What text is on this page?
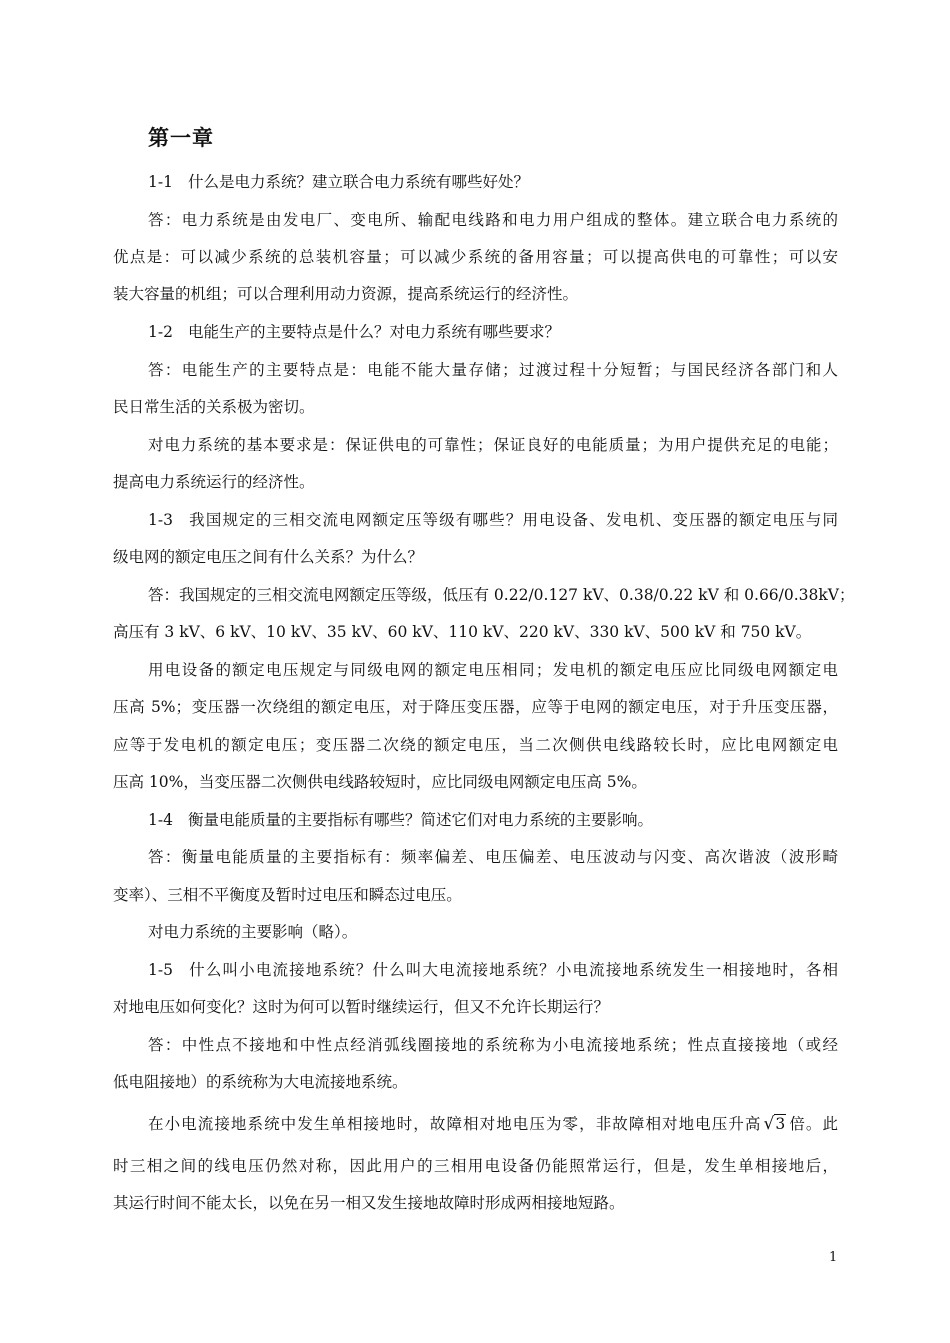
第一章
1-1 什么是电力系统？建立联合电力系统有哪些好处？
答：电力系统是由发电厂、变电所、输配电线路和电力用户组成的整体。建立联合电力系统的
优点是：可以减少系统的总装机容量；可以减少系统的备用容量；可以提高供电的可靠性；可以安
装大容量的机组；可以合理利用动力资源，提高系统运行的经济性。
1-2 电能生产的主要特点是什么？对电力系统有哪些要求？
答：电能生产的主要特点是：电能不能大量存储；过渡过程十分短暂；与国民经济各部门和人
民日常生活的关系极为密切。
对电力系统的基本要求是：保证供电的可靠性；保证良好的电能质量；为用户提供充足的电能；
提高电力系统运行的经济性。
1-3 我国规定的三相交流电网额定压等级有哪些？用电设备、发电机、变压器的额定电压与同
级电网的额定电压之间有什么关系？为什么？
答：我国规定的三相交流电网额定压等级，低压有 0.22/0.127 kV、0.38/0.22 kV 和 0.66/0.38kV；
高压有 3 kV、6 kV、10 kV、35 kV、60 kV、110 kV、220 kV、330 kV、500 kV 和 750 kV。
用电设备的额定电压规定与同级电网的额定电压相同；发电机的额定电压应比同级电网额定电
压高 5%；变压器一次绕组的额定电压，对于降压变压器，应等于电网的额定电压，对于升压变压器，
应等于发电机的额定电压；变压器二次绕的额定电压，当二次侧供电线路较长时，应比电网额定电
压高 10%，当变压器二次侧供电线路较短时，应比同级电网额定电压高 5%。
1-4 衡量电能质量的主要指标有哪些？简述它们对电力系统的主要影响。
答：衡量电能质量的主要指标有：频率偏差、电压偏差、电压波动与闪变、高次谐波（波形畸
变率）、三相不平衡度及暂时过电压和瞬态过电压。
对电力系统的主要影响（略）。
1-5 什么叫小电流接地系统？什么叫大电流接地系统？小电流接地系统发生一相接地时，各相
对地电压如何变化？这时为何可以暂时继续运行，但又不允许长期运行？
答：中性点不接地和中性点经消弧线圈接地的系统称为小电流接地系统；性点直接接地（或经
低电阻接地）的系统称为大电流接地系统。
在小电流接地系统中发生单相接地时，故障相对地电压为零，非故障相对地电压升高 √3 倍。此
时三相之间的线电压仍然对称，因此用户的三相用电设备仍能照常运行，但是，发生单相接地后，
其运行时间不能太长，以免在另一相又发生接地故障时形成两相接地短路。
1
